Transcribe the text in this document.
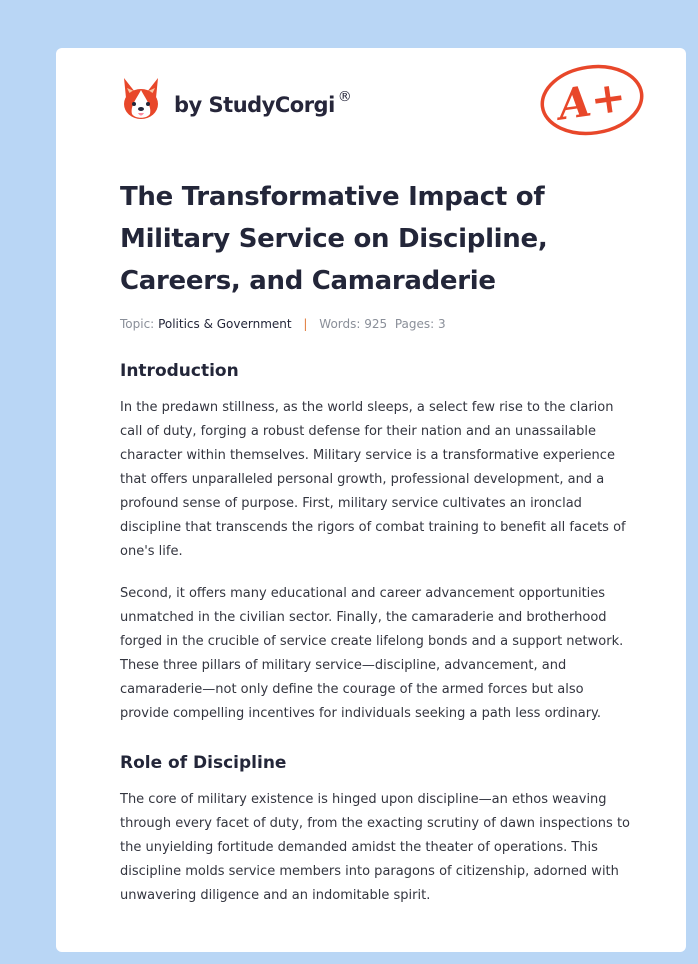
by StudyCorgi ®	A+
The Transformative Impact of Military Service on Discipline, Careers, and Camaraderie
Topic: Politics & Government | Words: 925 Pages: 3
Introduction

In the predawn stillness, as the world sleeps, a select few rise to the clarion call of duty, forging a robust defense for their nation and an unassailable character within themselves. Military service is a transformative experience that offers unparalleled personal growth, professional development, and a profound sense of purpose. First, military service cultivates an ironclad discipline that transcends the rigors of combat training to benefit all facets of one's life.

Second, it offers many educational and career advancement opportunities unmatched in the civilian sector. Finally, the camaraderie and brotherhood forged in the crucible of service create lifelong bonds and a support network. These three pillars of military service—discipline, advancement, and camaraderie—not only define the courage of the armed forces but also provide compelling incentives for individuals seeking a path less ordinary.

Role of Discipline

The core of military existence is hinged upon discipline—an ethos weaving through every facet of duty, from the exacting scrutiny of dawn inspections to the unyielding fortitude demanded amidst the theater of operations. This discipline molds service members into paragons of citizenship, adorned with unwavering diligence and an indomitable spirit.
